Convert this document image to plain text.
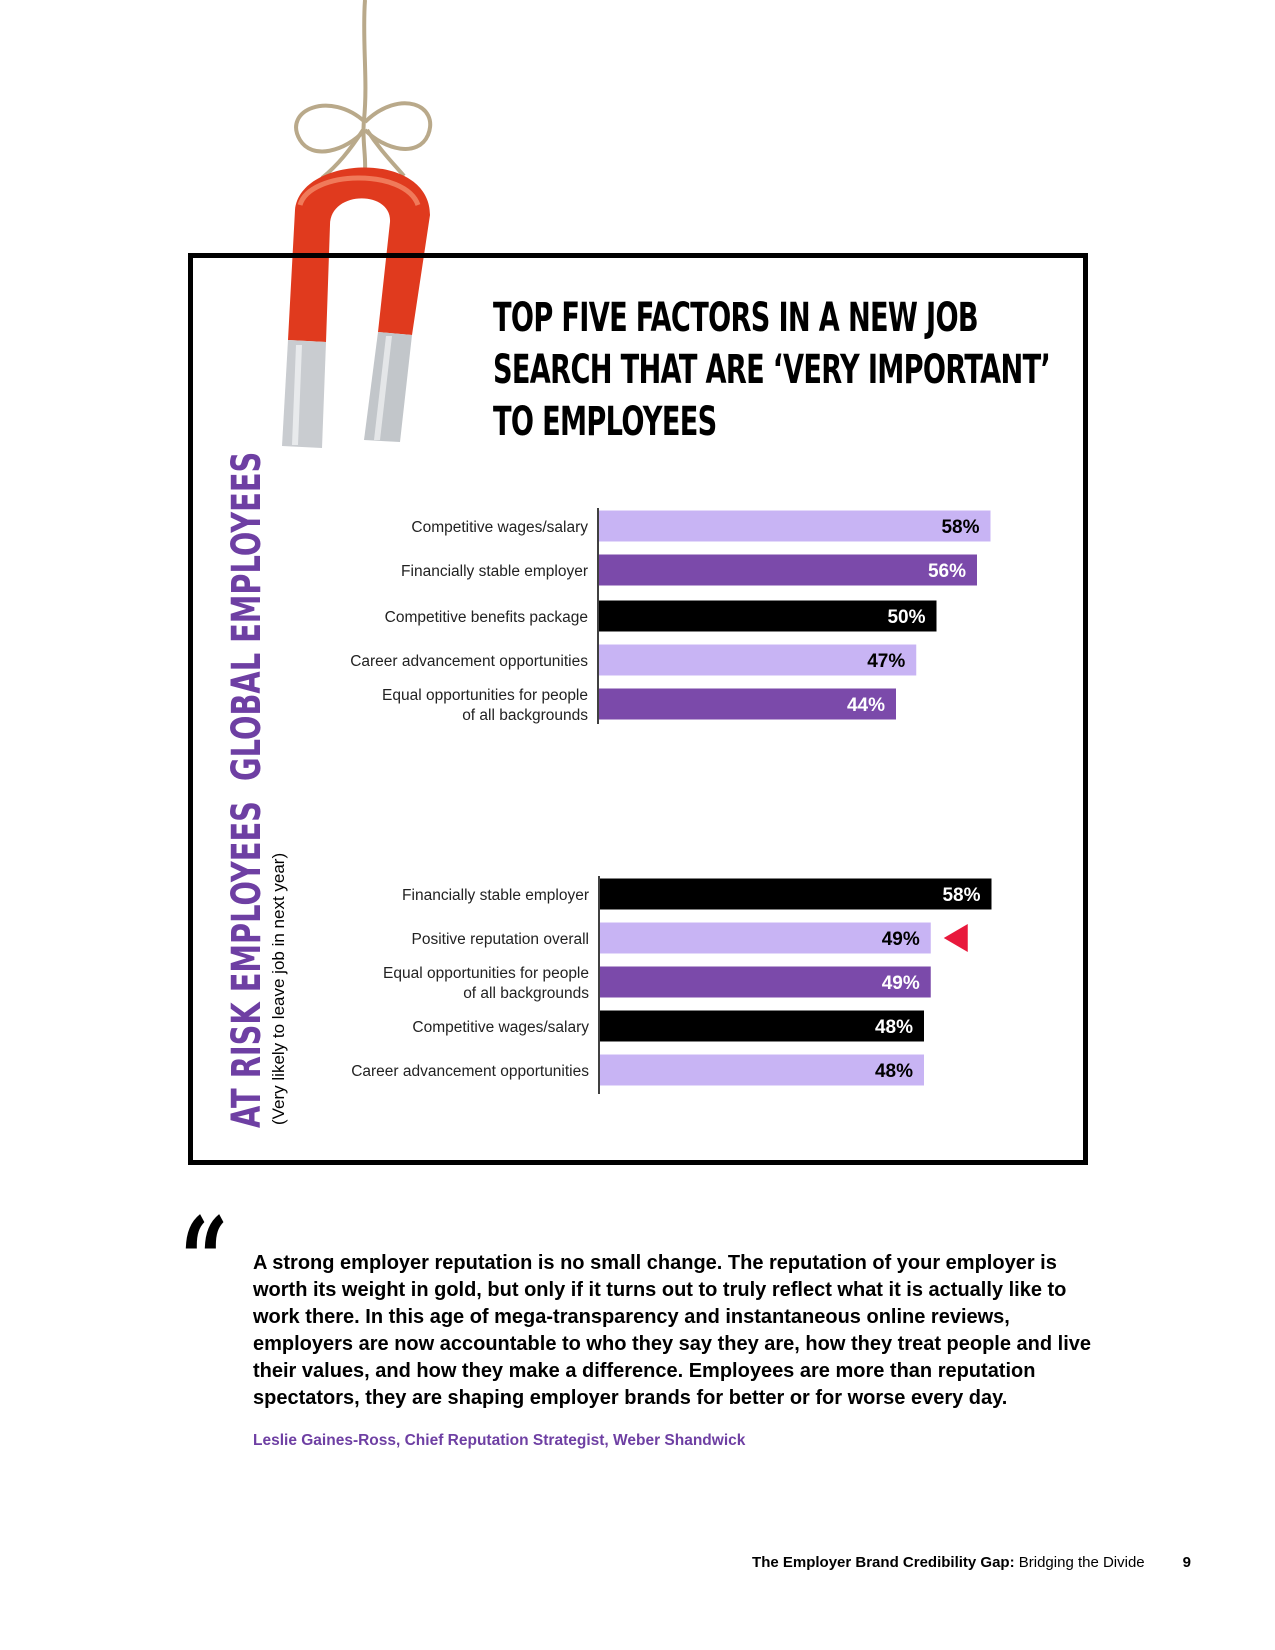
TOP FIVE FACTORS IN A NEW JOB
SEARCH THAT ARE ‘VERY IMPORTANT’
TO EMPLOYEES
GLOBAL EMPLOYEES
AT RISK EMPLOYEES (Very likely to leave job in next year)
58%
Competitive wages/salary
56%
Financially stable employer
50%
Competitive benefits package
47%
Career advancement opportunities
44%
Equal opportunities for people
of all backgrounds
58%
Financially stable employer
49%
Positive reputation overall
49%
Equal opportunities for people
of all backgrounds
48%
Competitive wages/salary
48%
Career advancement opportunities
“ A strong employer reputation is no small change. The reputation of your employer is worth its weight in gold, but only if it turns out to truly reflect what it is actually like to work there. In this age of mega-transparency and instantaneous online reviews, employers are now accountable to who they say they are, how they treat people and live their values, and how they make a difference. Employees are more than reputation spectators, they are shaping employer brands for better or for worse every day.

Leslie Gaines-Ross, Chief Reputation Strategist, Weber Shandwick

The Employer Brand Credibility Gap: Bridging the Divide	9
